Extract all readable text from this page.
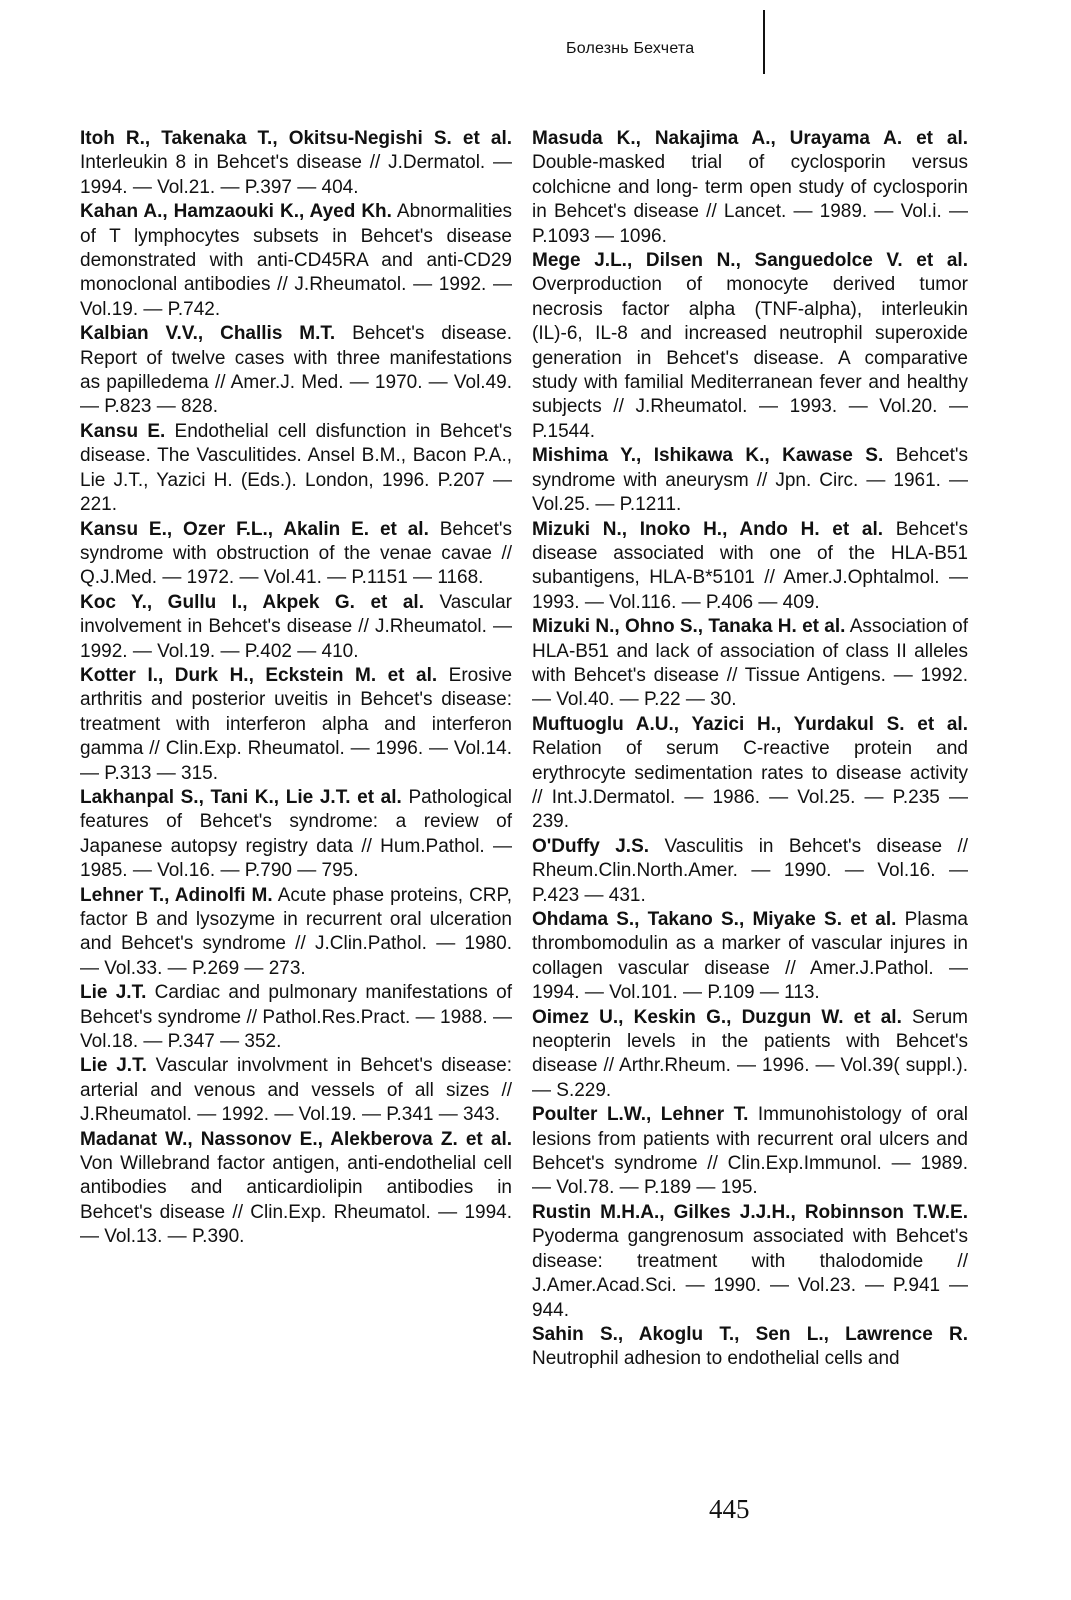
Болезнь Бехчета

Itoh R., Takenaka T., Okitsu-Negishi S. et al. Interleukin 8 in Behcet's disease // J.Dermatol. — 1994. — Vol.21. — P.397 — 404.

Kahan A., Hamzaouki K., Ayed Kh. Abnormalities of T lymphocytes subsets in Behcet's disease demonstrated with anti-CD45RA and anti-CD29 monoclonal antibodies // J.Rheumatol. — 1992. — Vol.19. — P.742.

Kalbian V.V., Challis M.T. Behcet's disease. Report of twelve cases with three manifestations as papilledema // Amer.J. Med. — 1970. — Vol.49. — P.823 — 828.

Kansu E. Endothelial cell disfunction in Behcet's disease. The Vasculitides. Ansel B.M., Bacon P.A., Lie J.T., Yazici H. (Eds.). London, 1996. P.207 — 221.

Kansu E., Ozer F.L., Akalin E. et al. Behcet's syndrome with obstruction of the venae cavae // Q.J.Med. — 1972. — Vol.41. — P.1151 — 1168.

Koc Y., Gullu I., Akpek G. et al. Vascular involvement in Behcet's disease // J.Rheumatol. — 1992. — Vol.19. — P.402 — 410.

Kotter I., Durk H., Eckstein M. et al. Erosive arthritis and posterior uveitis in Behcet's disease: treatment with interferon alpha and interferon gamma // Clin.Exp. Rheumatol. — 1996. — Vol.14. — P.313 — 315.

Lakhanpal S., Tani K., Lie J.T. et al. Pathological features of Behcet's syndrome: a review of Japanese autopsy registry data // Hum.Pathol. — 1985. — Vol.16. — P.790 — 795.

Lehner T., Adinolfi M. Acute phase proteins, CRP, factor B and lysozyme in recurrent oral ulceration and Behcet's syndrome // J.Clin.Pathol. — 1980. — Vol.33. — P.269 — 273.

Lie J.T. Cardiac and pulmonary manifestations of Behcet's syndrome // Pathol.Res.Pract. — 1988. — Vol.18. — P.347 — 352.

Lie J.T. Vascular involvment in Behcet's disease: arterial and venous and vessels of all sizes // J.Rheumatol. — 1992. — Vol.19. — P.341 — 343.

Madanat W., Nassonov E., Alekberova Z. et al. Von Willebrand factor antigen, anti-endothelial cell antibodies and anticardiolipin antibodies in Behcet's disease // Clin.Exp. Rheumatol. — 1994. — Vol.13. — P.390.

Masuda K., Nakajima A., Urayama A. et al. Double-masked trial of cyclosporin versus colchicne and long- term open study of cyclosporin in Behcet's disease // Lancet. — 1989. — Vol.i. — P.1093 — 1096.

Mege J.L., Dilsen N., Sanguedolce V. et al. Overproduction of monocyte derived tumor necrosis factor alpha (TNF-alpha), interleukin (IL)-6, IL-8 and increased neutrophil superoxide generation in Behcet's disease. A comparative study with familial Mediterranean fever and healthy subjects // J.Rheumatol. — 1993. — Vol.20. — P.1544.

Mishima Y., Ishikawa K., Kawase S. Behcet's syndrome with aneurysm // Jpn. Circ. — 1961. — Vol.25. — P.1211.

Mizuki N., Inoko H., Ando H. et al. Behcet's disease associated with one of the HLA-B51 subantigens, HLA-B*5101 // Amer.J.Ophtalmol. — 1993. — Vol.116. — P.406 — 409.

Mizuki N., Ohno S., Tanaka H. et al. Association of HLA-B51 and lack of association of class II alleles with Behcet's disease // Tissue Antigens. — 1992. — Vol.40. — P.22 — 30.

Muftuoglu A.U., Yazici H., Yurdakul S. et al. Relation of serum C-reactive protein and erythrocyte sedimentation rates to disease activity // Int.J.Dermatol. — 1986. — Vol.25. — P.235 — 239.

O'Duffy J.S. Vasculitis in Behcet's disease // Rheum.Clin.North.Amer. — 1990. — Vol.16. — P.423 — 431.

Ohdama S., Takano S., Miyake S. et al. Plasma thrombomodulin as a marker of vascular injures in collagen vascular disease // Amer.J.Pathol. — 1994. — Vol.101. — P.109 — 113.

Oimez U., Keskin G., Duzgun W. et al. Serum neopterin levels in the patients with Behcet's disease // Arthr.Rheum. — 1996. — Vol.39( suppl.). — S.229.

Poulter L.W., Lehner T. Immunohistology of oral lesions from patients with recurrent oral ulcers and Behcet's syndrome // Clin.Exp.Immunol. — 1989. — Vol.78. — P.189 — 195.

Rustin M.H.A., Gilkes J.J.H., Robinnson T.W.E. Pyoderma gangrenosum associated with Behcet's disease: treatment with thalodomide // J.Amer.Acad.Sci. — 1990. — Vol.23. — P.941 — 944.

Sahin S., Akoglu T., Sen L., Lawrence R. Neutrophil adhesion to endothelial cells and

445
